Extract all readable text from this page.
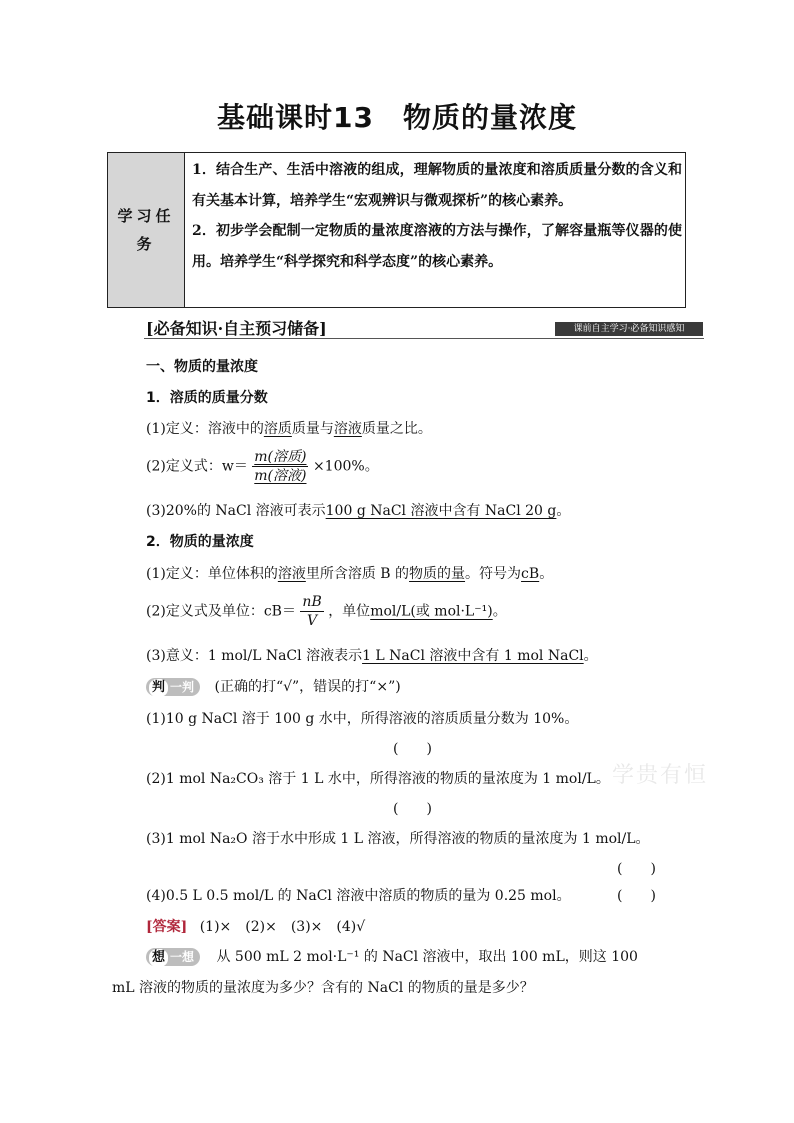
基础课时13　物质的量浓度
学习任务
1．结合生产、生活中溶液的组成，理解物质的量浓度和溶质质量分数的含义和有关基本计算，培养学生“宏观辨识与微观探析”的核心素养。
2．初步学会配制一定物质的量浓度溶液的方法与操作，了解容量瓶等仪器的使用。培养学生“科学探究和科学态度”的核心素养。
[必备知识·自主预习储备]	课前自主学习·必备知识感知
一、物质的量浓度
1．溶质的质量分数
(1)定义：溶液中的溶质质量与溶液质量之比。
(2)定义式：$w= \frac{\text{m(溶质)}}{\text{m(溶液)}} \times 100\%$。
(3)20%的 NaCl 溶液可表示100 g NaCl 溶液中含有 NaCl 20 g。
2．物质的量浓度
(1)定义：单位体积的溶液里所含溶质 B 的物质的量。符号为cB。
(2)定义式及单位：$cB= \frac{nB}{V}$ ，单位mol/L(或 mol·L⁻¹)。
(3)意义：1 mol/L NaCl 溶液表示1 L NaCl 溶液中含有 1 mol NaCl。
判 一判 (正确的打“√”，错误的打“×”)
(1)10 g NaCl 溶于 100 g 水中，所得溶液的溶质质量分数为 10%。
(　　)
(2)1 mol Na₂CO₃ 溶于 1 L 水中，所得溶液的物质的量浓度为 1 mol/L。
(　　)
(3)1 mol Na₂O 溶于水中形成 1 L 溶液，所得溶液的物质的量浓度为 1 mol/L。
(　　)
(4)0.5 L 0.5 mol/L 的 NaCl 溶液中溶质的物质的量为 0.25 mol。	(　　)
[答案] (1)×　(2)×　(3)×　(4)√
想 一想 从 500 mL 2 mol·L⁻¹ 的 NaCl 溶液中，取出 100 mL，则这 100
mL 溶液的物质的量浓度为多少？含有的 NaCl 的物质的量是多少？
学贵有恒
